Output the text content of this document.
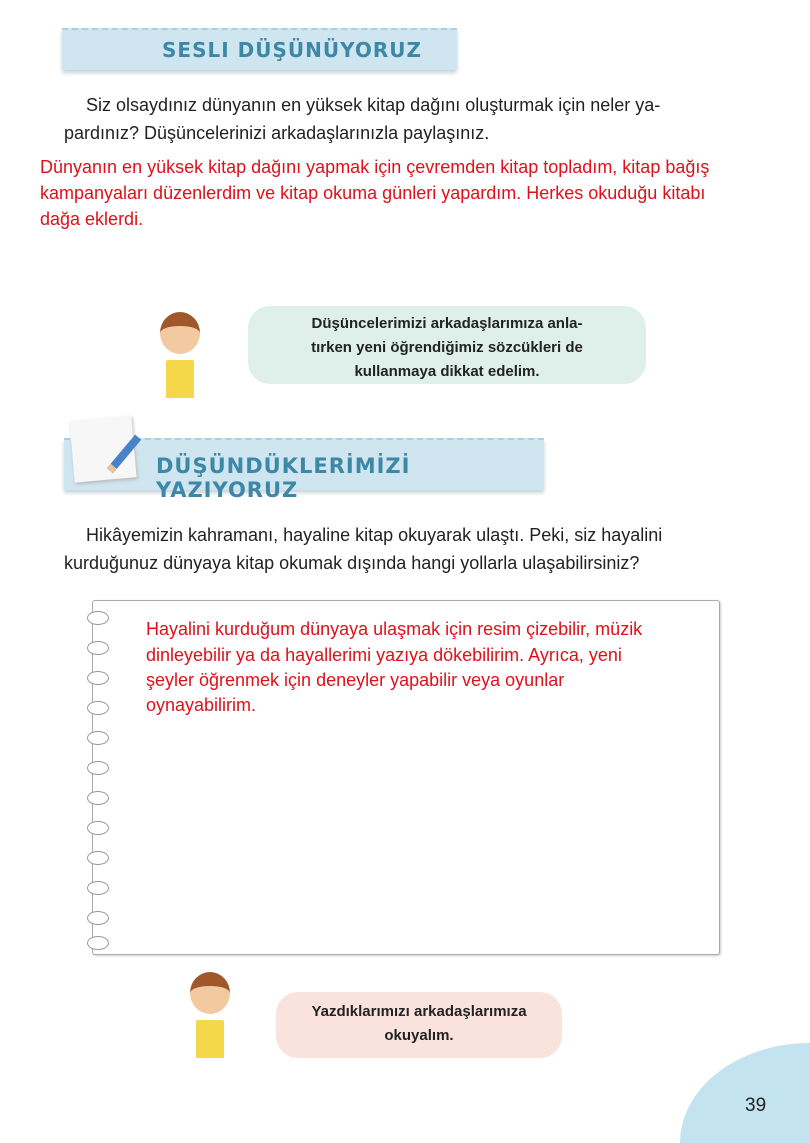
SESLI DÜŞÜNÜYORUZ
Siz olsaydınız dünyanın en yüksek kitap dağını oluşturmak için neler ya-
pardınız? Düşüncelerinizi arkadaşlarınızla paylaşınız.
Dünyanın en yüksek kitap dağını yapmak için çevremden kitap topladım, kitap bağış
kampanyaları düzenlerdim ve kitap okuma günleri yapardım. Herkes okuduğu kitabı
dağa eklerdi.
Düşüncelerimizi arkadaşlarımıza anla-
tırken yeni öğrendiğimiz sözcükleri de
kullanmaya dikkat edelim.
DÜŞÜNDÜKLERİMİZİ YAZIYORUZ
Hikâyemizin kahramanı, hayaline kitap okuyarak ulaştı. Peki, siz hayalini
kurduğunuz dünyaya kitap okumak dışında hangi yollarla ulaşabilirsiniz?
Hayalini kurduğum dünyaya ulaşmak için resim çizebilir, müzik
dinleyebilir ya da hayallerimi yazıya dökebilirim. Ayrıca, yeni
şeyler öğrenmek için deneyler yapabilir veya oyunlar
oynayabilirim.
Yazdıklarımızı arkadaşlarımıza
okuyalım.
39
